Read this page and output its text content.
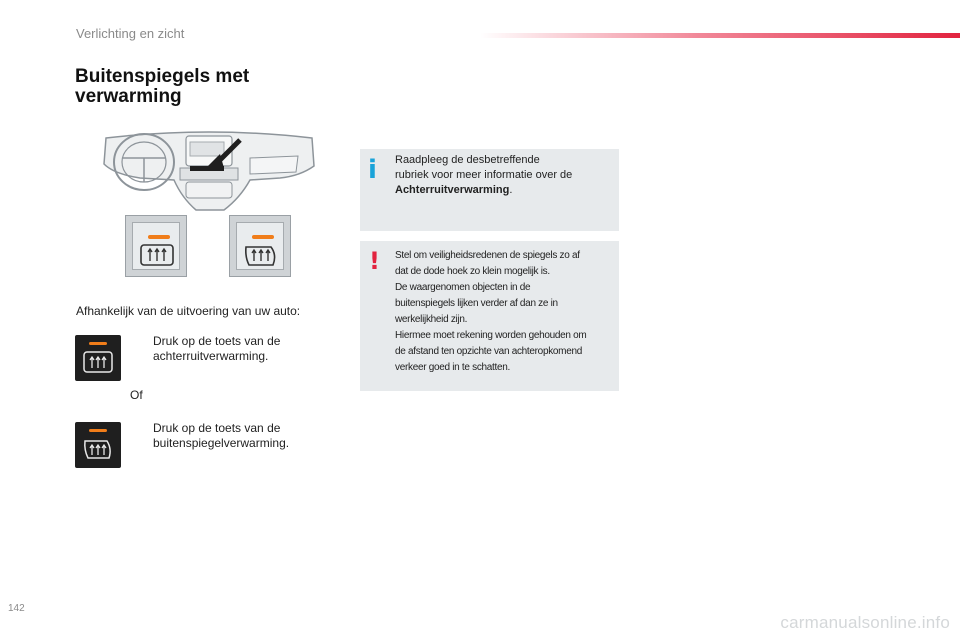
Verlichting en zicht
Buitenspiegels met
verwarming
Afhankelijk van de uitvoering van uw auto:
Druk op de toets van de
achterruitverwarming.
Of
Druk op de toets van de
buitenspiegelverwarming.
i Raadpleeg de desbetreffende
rubriek voor meer informatie over de
Achterruitverwarming.
! Stel om veiligheidsredenen de spiegels zo af
dat de dode hoek zo klein mogelijk is.
De waargenomen objecten in de
buitenspiegels lijken verder af dan ze in
werkelijkheid zijn.
Hiermee moet rekening worden gehouden om
de afstand ten opzichte van achteropkomend
verkeer goed in te schatten.
142
carmanualsonline.info
